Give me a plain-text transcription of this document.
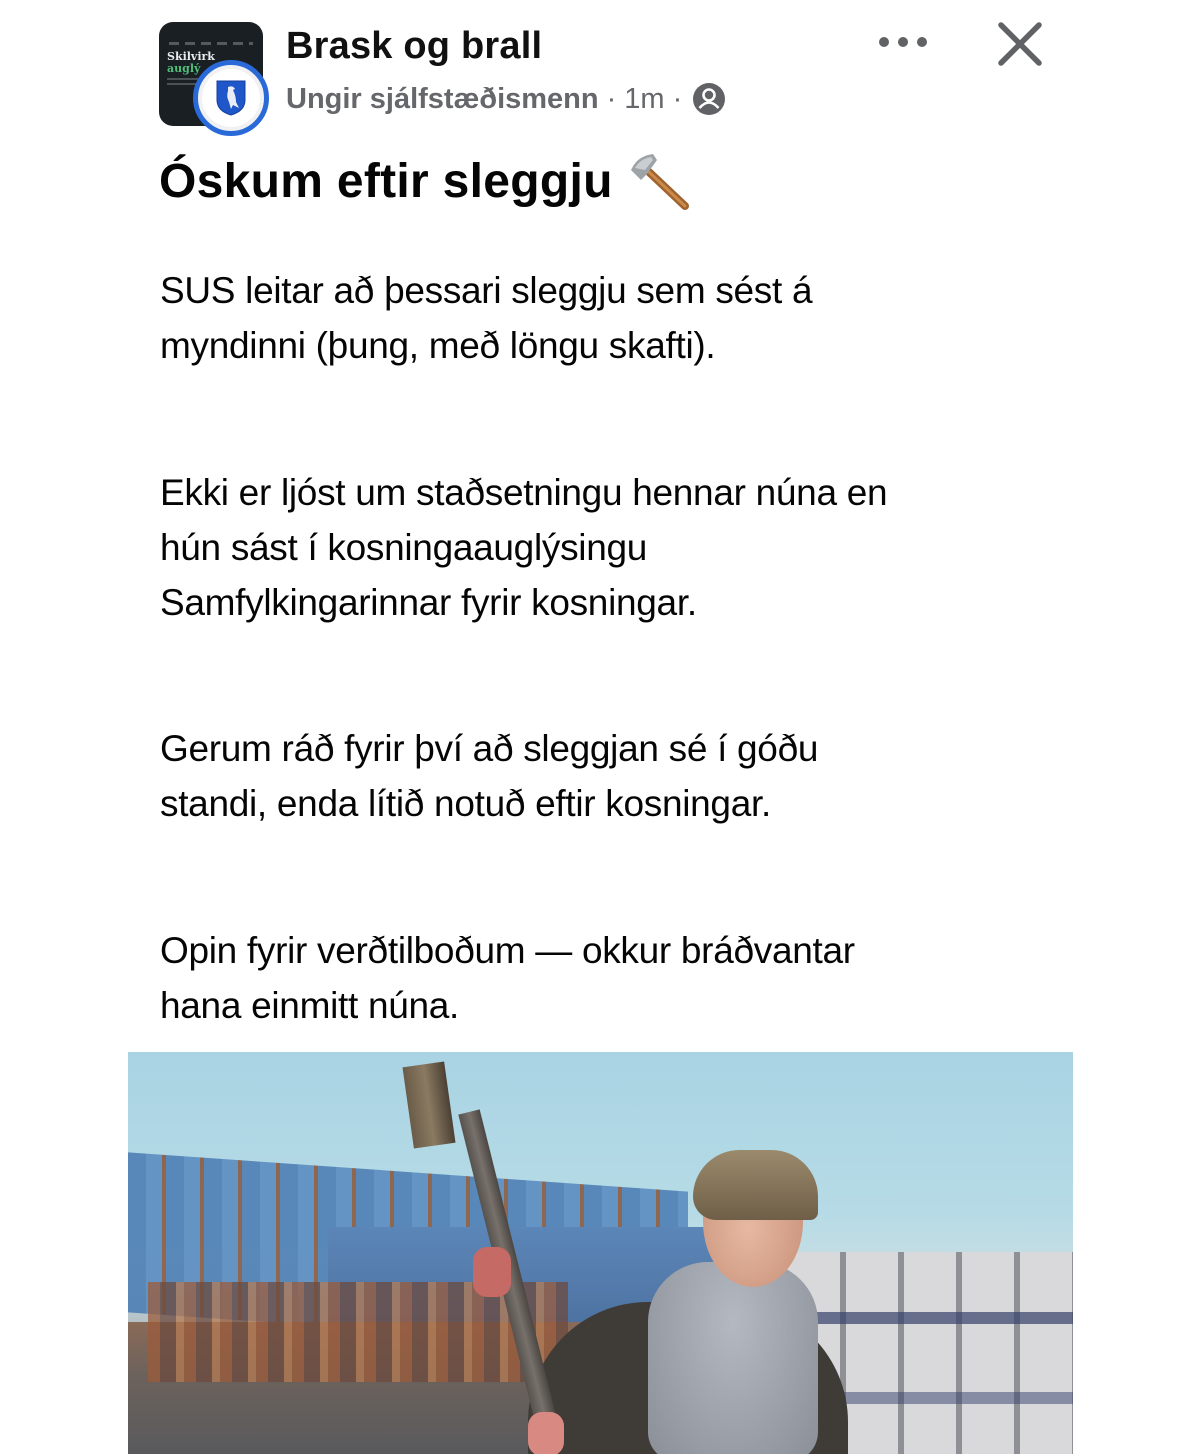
Skilvirk
auglý
Brask og brall
Ungir sjálfstæðismenn · 1m ·
Óskum eftir sleggju
SUS leitar að þessari sleggju sem sést á
myndinni (þung, með löngu skafti).
Ekki er ljóst um staðsetningu hennar núna en
hún sást í kosningaauglýsingu
Samfylkingarinnar fyrir kosningar.
Gerum ráð fyrir því að sleggjan sé í góðu
standi, enda lítið notuð eftir kosningar.
Opin fyrir verðtilboðum — okkur bráðvantar
hana einmitt núna.
